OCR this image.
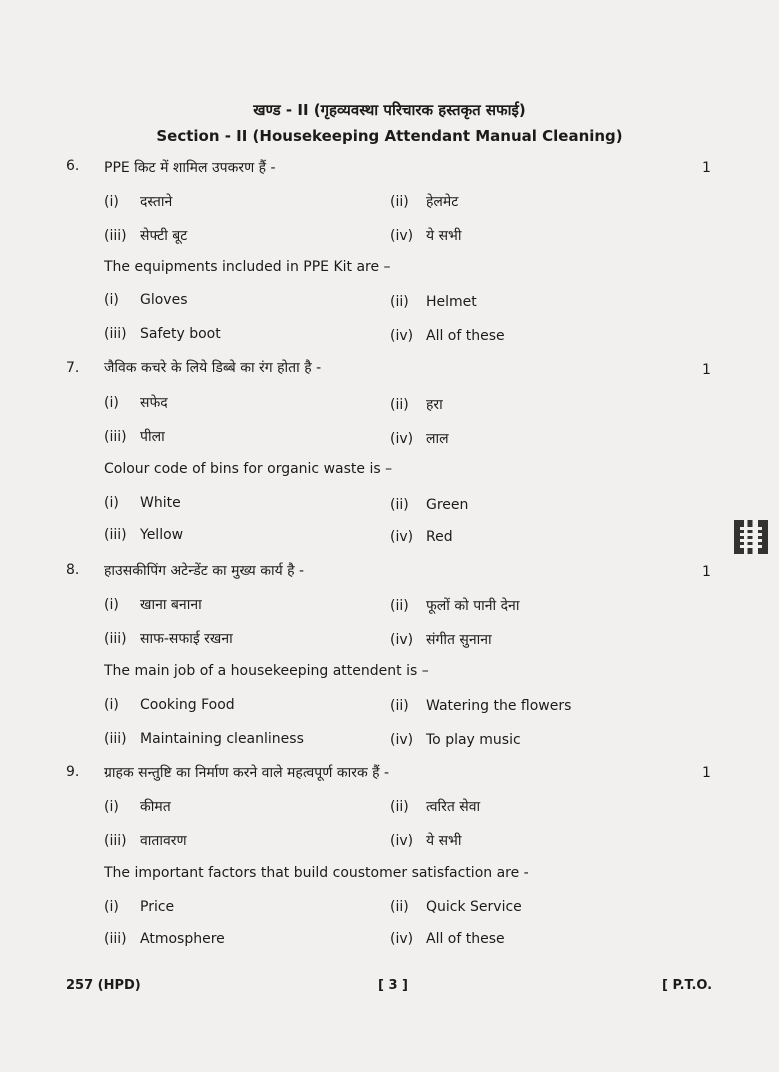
खण्ड - II (गृहव्यवस्था परिचारक हस्तकृत सफाई)
Section - II (Housekeeping Attendant Manual Cleaning)
6. PPE किट में शामिल उपकरण हैं -	1
(i) दस्ताने	(ii) हेलमेट
(iii) सेफ्टी बूट	(iv) ये सभी
The equipments included in PPE Kit are –
(i) Gloves	(ii) Helmet
(iii) Safety boot	(iv) All of these
7. जैविक कचरे के लिये डिब्बे का रंग होता है -	1
(i) सफेद	(ii) हरा
(iii) पीला	(iv) लाल
Colour code of bins for organic waste is –
(i) White	(ii) Green
(iii) Yellow	(iv) Red
8. हाउसकीपिंग अटेन्डेंट का मुख्य कार्य है -	1
(i) खाना बनाना	(ii) फूलों को पानी देना
(iii) साफ-सफाई रखना	(iv) संगीत सुनाना
The main job of a housekeeping attendent is –
(i) Cooking Food	(ii) Watering the flowers
(iii) Maintaining cleanliness	(iv) To play music
9. ग्राहक सन्तुष्टि का निर्माण करने वाले महत्वपूर्ण कारक हैं -	1
(i) कीमत	(ii) त्वरित सेवा
(iii) वातावरण	(iv) ये सभी
The important factors that build coustomer satisfaction are -
(i) Price	(ii) Quick Service
(iii) Atmosphere	(iv) All of these
257 (HPD)	[ 3 ]	[ P.T.O.
